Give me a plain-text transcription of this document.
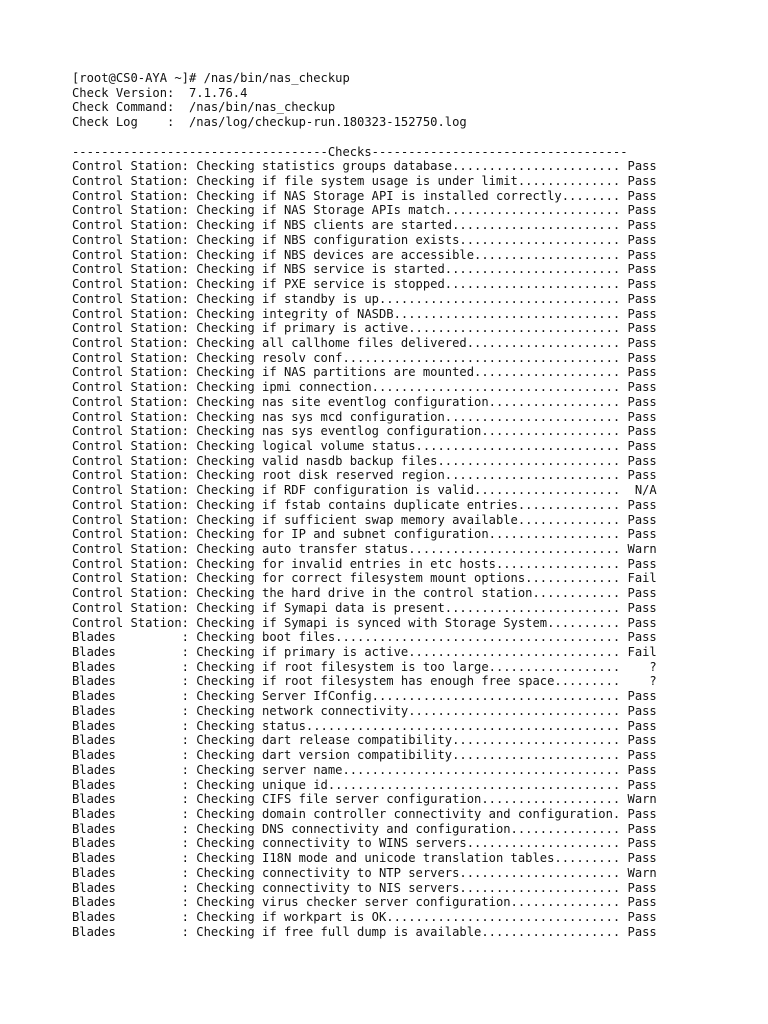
[root@CS0-AYA ~]# /nas/bin/nas_checkup
Check Version:  7.1.76.4
Check Command:  /nas/bin/nas_checkup
Check Log    :  /nas/log/checkup-run.180323-152750.log
-----------------------------------Checks-----------------------------------
Control Station: Checking statistics groups database....................... Pass
Control Station: Checking if file system usage is under limit.............. Pass
Control Station: Checking if NAS Storage API is installed correctly........ Pass
Control Station: Checking if NAS Storage APIs match........................ Pass
Control Station: Checking if NBS clients are started....................... Pass
Control Station: Checking if NBS configuration exists...................... Pass
Control Station: Checking if NBS devices are accessible.................... Pass
Control Station: Checking if NBS service is started........................ Pass
Control Station: Checking if PXE service is stopped........................ Pass
Control Station: Checking if standby is up................................. Pass
Control Station: Checking integrity of NASDB............................... Pass
Control Station: Checking if primary is active............................. Pass
Control Station: Checking all callhome files delivered..................... Pass
Control Station: Checking resolv conf...................................... Pass
Control Station: Checking if NAS partitions are mounted.................... Pass
Control Station: Checking ipmi connection.................................. Pass
Control Station: Checking nas site eventlog configuration.................. Pass
Control Station: Checking nas sys mcd configuration........................ Pass
Control Station: Checking nas sys eventlog configuration................... Pass
Control Station: Checking logical volume status............................ Pass
Control Station: Checking valid nasdb backup files......................... Pass
Control Station: Checking root disk reserved region........................ Pass
Control Station: Checking if RDF configuration is valid....................  N/A
Control Station: Checking if fstab contains duplicate entries.............. Pass
Control Station: Checking if sufficient swap memory available.............. Pass
Control Station: Checking for IP and subnet configuration.................. Pass
Control Station: Checking auto transfer status............................. Warn
Control Station: Checking for invalid entries in etc hosts................. Pass
Control Station: Checking for correct filesystem mount options............. Fail
Control Station: Checking the hard drive in the control station............ Pass
Control Station: Checking if Symapi data is present........................ Pass
Control Station: Checking if Symapi is synced with Storage System.......... Pass
Blades         : Checking boot files....................................... Pass
Blades         : Checking if primary is active............................. Fail
Blades         : Checking if root filesystem is too large..................    ?
Blades         : Checking if root filesystem has enough free space.........    ?
Blades         : Checking Server IfConfig.................................. Pass
Blades         : Checking network connectivity............................. Pass
Blades         : Checking status........................................... Pass
Blades         : Checking dart release compatibility....................... Pass
Blades         : Checking dart version compatibility....................... Pass
Blades         : Checking server name...................................... Pass
Blades         : Checking unique id........................................ Pass
Blades         : Checking CIFS file server configuration................... Warn
Blades         : Checking domain controller connectivity and configuration. Pass
Blades         : Checking DNS connectivity and configuration............... Pass
Blades         : Checking connectivity to WINS servers..................... Pass
Blades         : Checking I18N mode and unicode translation tables......... Pass
Blades         : Checking connectivity to NTP servers...................... Warn
Blades         : Checking connectivity to NIS servers...................... Pass
Blades         : Checking virus checker server configuration............... Pass
Blades         : Checking if workpart is OK................................ Pass
Blades         : Checking if free full dump is available................... Pass
